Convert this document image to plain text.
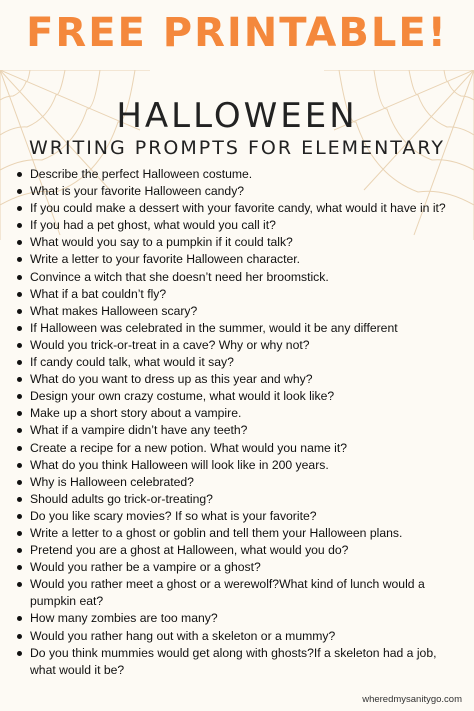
FREE PRINTABLE!
HALLOWEEN
WRITING PROMPTS FOR ELEMENTARY
Describe the perfect Halloween costume.
What is your favorite Halloween candy?
If you could make a dessert with your favorite candy, what would it have in it?
If you had a pet ghost, what would you call it?
What would you say to a pumpkin if it could talk?
Write a letter to your favorite Halloween character.
Convince a witch that she doesn’t need her broomstick.
What if a bat couldn’t fly?
What makes Halloween scary?
If Halloween was celebrated in the summer, would it be any different
Would you trick-or-treat in a cave? Why or why not?
If candy could talk, what would it say?
What do you want to dress up as this year and why?
Design your own crazy costume, what would it look like?
Make up a short story about a vampire.
What if a vampire didn’t have any teeth?
Create a recipe for a new potion. What would you name it?
What do you think Halloween will look like in 200 years.
Why is Halloween celebrated?
Should adults go trick-or-treating?
Do you like scary movies? If so what is your favorite?
Write a letter to a ghost or goblin and tell them your Halloween plans.
Pretend you are a ghost at Halloween, what would you do?
Would you rather be a vampire or a ghost?
Would you rather meet a ghost or a werewolf?What kind of lunch would a pumpkin eat?
How many zombies are too many?
Would you rather hang out with a skeleton or a mummy?
Do you think mummies would get along with ghosts?If a skeleton had a job, what would it be?
wheredmysanitygo.com
